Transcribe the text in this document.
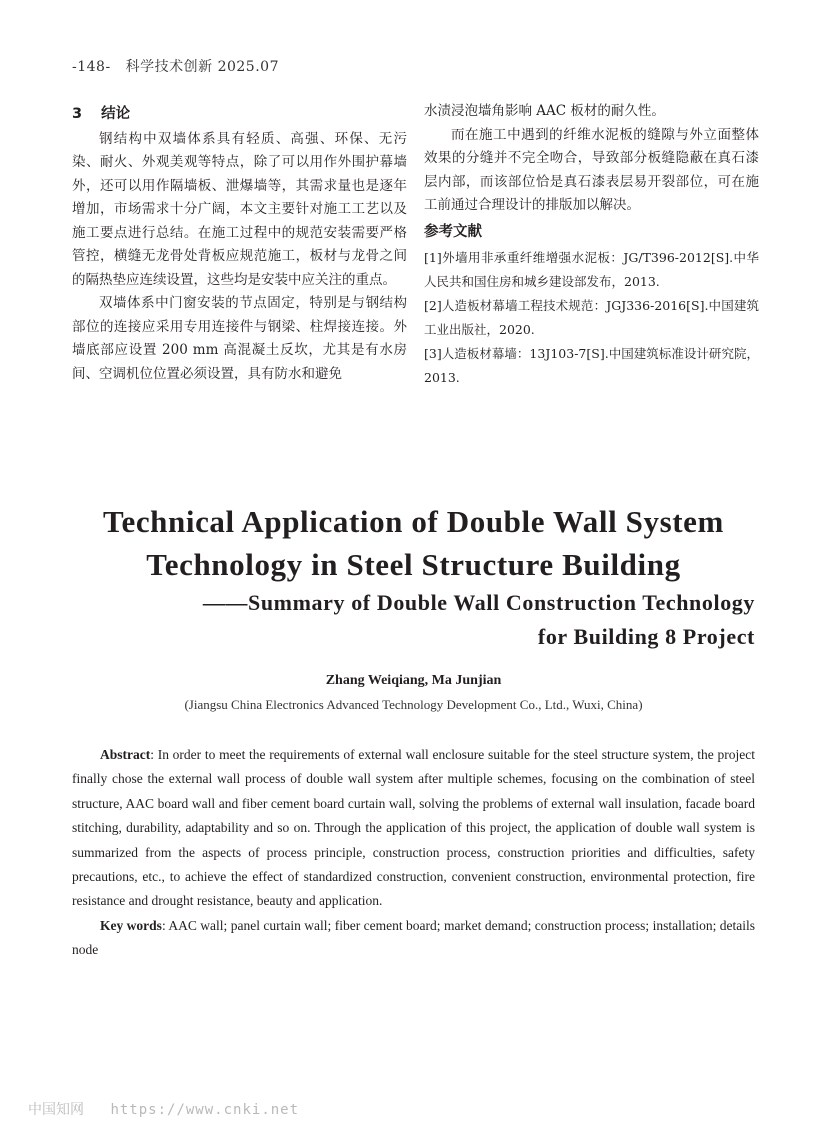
-148- 科学技术创新 2025.07
3 结论

钢结构中双墙体系具有轻质、高强、环保、无污染、耐火、外观美观等特点，除了可以用作外围护幕墙外，还可以用作隔墙板、泄爆墙等，其需求量也是逐年增加，市场需求十分广阔，本文主要针对施工工艺以及施工要点进行总结。在施工过程中的规范安装需要严格管控，横缝无龙骨处背板应规范施工，板材与龙骨之间的隔热垫应连续设置，这些均是安装中应关注的重点。

双墙体系中门窗安装的节点固定，特别是与钢结构部位的连接应采用专用连接件与钢梁、柱焊接连接。外墙底部应设置 200 mm 高混凝土反坎，尤其是有水房间、空调机位位置必须设置，具有防水和避免

水渍浸泡墙角影响 AAC 板材的耐久性。

而在施工中遇到的纤维水泥板的缝隙与外立面整体效果的分缝并不完全吻合，导致部分板缝隐蔽在真石漆层内部，而该部位恰是真石漆表层易开裂部位，可在施工前通过合理设计的排版加以解决。

参考文献

[1]外墙用非承重纤维增强水泥板：JG/T396-2012[S].中华人民共和国住房和城乡建设部发布，2013.

[2]人造板材幕墙工程技术规范：JGJ336-2016[S].中国建筑工业出版社，2020.

[3]人造板材幕墙：13J103-7[S].中国建筑标准设计研究院，2013.

Technical Application of Double Wall System
Technology in Steel Structure Building
——Summary of Double Wall Construction Technology
for Building 8 Project
Zhang Weiqiang, Ma Junjian
(Jiangsu China Electronics Advanced Technology Development Co., Ltd., Wuxi, China)

Abstract: In order to meet the requirements of external wall enclosure suitable for the steel structure system, the project finally chose the external wall process of double wall system after multiple schemes, focusing on the combination of steel structure, AAC board wall and fiber cement board curtain wall, solving the problems of external wall insulation, facade board stitching, durability, adaptability and so on. Through the application of this project, the application of double wall system is summarized from the aspects of process principle, construction process, construction priorities and difficulties, safety precautions, etc., to achieve the effect of standardized construction, convenient construction, environmental protection, fire resistance and drought resistance, beauty and application.

Key words: AAC wall; panel curtain wall; fiber cement board; market demand; construction process; installation; details node

中国知网 https://www.cnki.net
